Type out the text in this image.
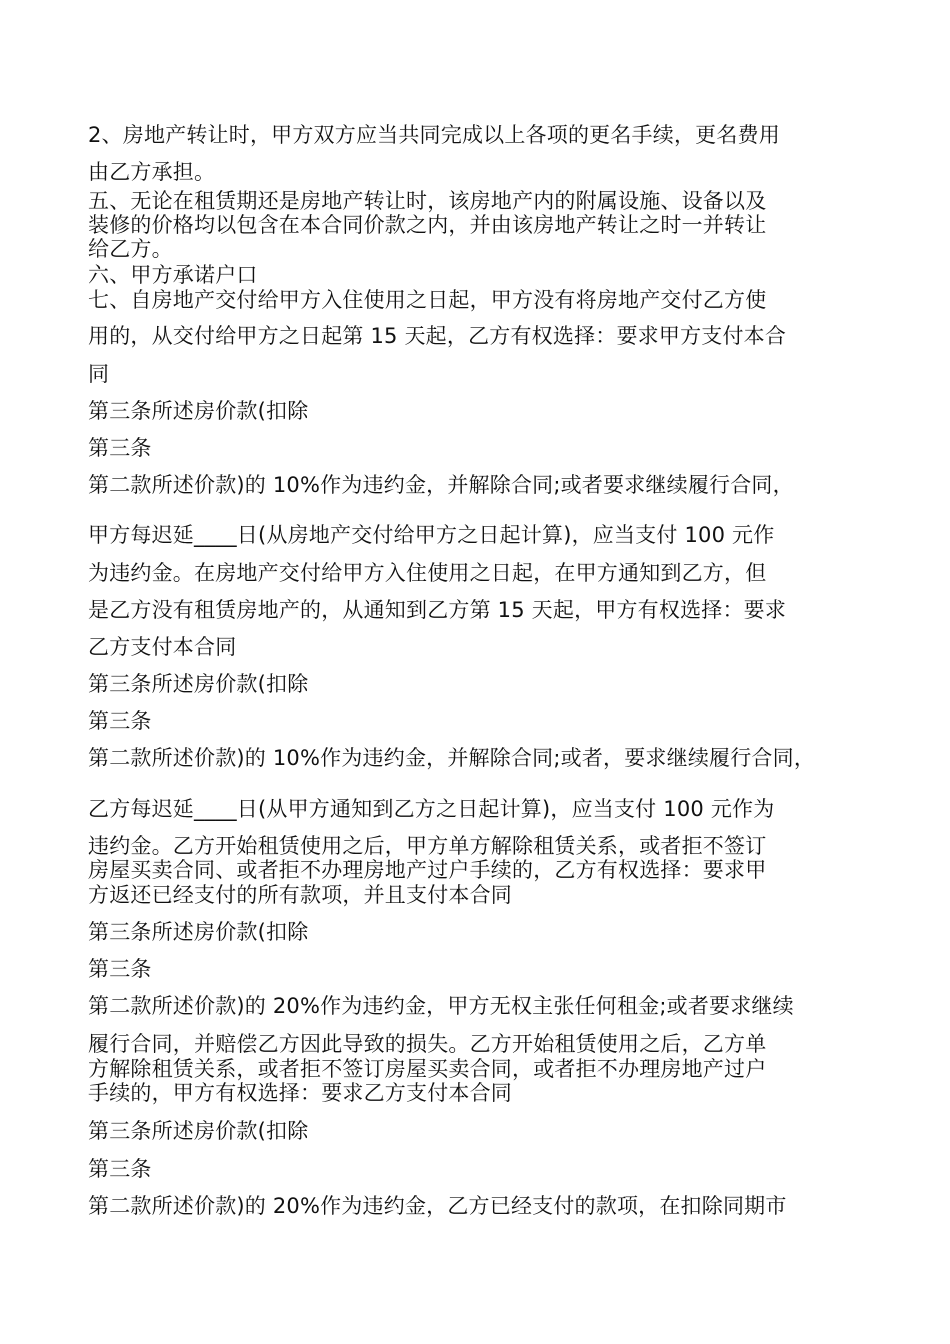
2、房地产转让时，甲方双方应当共同完成以上各项的更名手续，更名费用

由乙方承担。

五、无论在租赁期还是房地产转让时，该房地产内的附属设施、设备以及

装修的价格均以包含在本合同价款之内，并由该房地产转让之时一并转让

给乙方。

六、甲方承诺户口

七、自房地产交付给甲方入住使用之日起，甲方没有将房地产交付乙方使

用的，从交付给甲方之日起第 15 天起，乙方有权选择：要求甲方支付本合

同

第三条所述房价款(扣除

第三条

第二款所述价款)的 10%作为违约金，并解除合同;或者要求继续履行合同，

甲方每迟延____日(从房地产交付给甲方之日起计算)，应当支付 100 元作

为违约金。在房地产交付给甲方入住使用之日起，在甲方通知到乙方，但

是乙方没有租赁房地产的，从通知到乙方第 15 天起，甲方有权选择：要求

乙方支付本合同

第三条所述房价款(扣除

第三条

第二款所述价款)的 10%作为违约金，并解除合同;或者，要求继续履行合同，

乙方每迟延____日(从甲方通知到乙方之日起计算)，应当支付 100 元作为

违约金。乙方开始租赁使用之后，甲方单方解除租赁关系，或者拒不签订

房屋买卖合同、或者拒不办理房地产过户手续的，乙方有权选择：要求甲

方返还已经支付的所有款项，并且支付本合同

第三条所述房价款(扣除

第三条

第二款所述价款)的 20%作为违约金，甲方无权主张任何租金;或者要求继续

履行合同，并赔偿乙方因此导致的损失。乙方开始租赁使用之后，乙方单

方解除租赁关系，或者拒不签订房屋买卖合同，或者拒不办理房地产过户

手续的，甲方有权选择：要求乙方支付本合同

第三条所述房价款(扣除

第三条

第二款所述价款)的 20%作为违约金，乙方已经支付的款项，在扣除同期市
